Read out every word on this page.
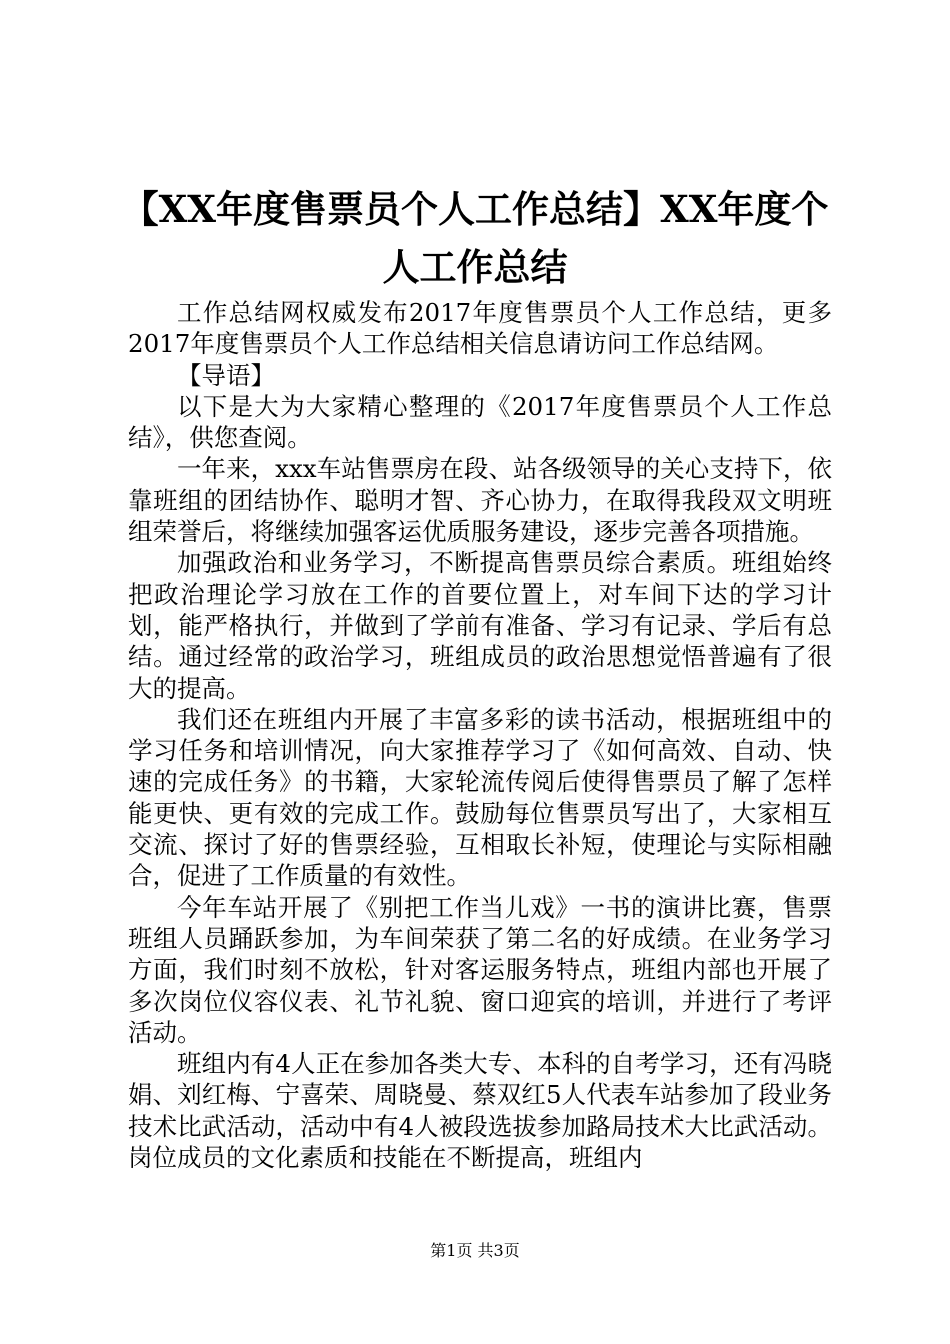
【XX年度售票员个人工作总结】XX年度个人工作总结

工作总结网权威发布2017年度售票员个人工作总结，更多2017年度售票员个人工作总结相关信息请访问工作总结网。

【导语】

以下是大为大家精心整理的《2017年度售票员个人工作总结》，供您查阅。

一年来，xxx车站售票房在段、站各级领导的关心支持下，依靠班组的团结协作、聪明才智、齐心协力，在取得我段双文明班组荣誉后，将继续加强客运优质服务建设，逐步完善各项措施。

加强政治和业务学习，不断提高售票员综合素质。班组始终把政治理论学习放在工作的首要位置上，对车间下达的学习计划，能严格执行，并做到了学前有准备、学习有记录、学后有总结。通过经常的政治学习，班组成员的政治思想觉悟普遍有了很大的提高。

我们还在班组内开展了丰富多彩的读书活动，根据班组中的学习任务和培训情况，向大家推荐学习了《如何高效、自动、快速的完成任务》的书籍，大家轮流传阅后使得售票员了解了怎样能更快、更有效的完成工作。鼓励每位售票员写出了，大家相互交流、探讨了好的售票经验，互相取长补短，使理论与实际相融合，促进了工作质量的有效性。

今年车站开展了《别把工作当儿戏》一书的演讲比赛，售票班组人员踊跃参加，为车间荣获了第二名的好成绩。在业务学习方面，我们时刻不放松，针对客运服务特点，班组内部也开展了多次岗位仪容仪表、礼节礼貌、窗口迎宾的培训，并进行了考评活动。

班组内有4人正在参加各类大专、本科的自考学习，还有冯晓娟、刘红梅、宁喜荣、周晓曼、蔡双红5人代表车站参加了段业务技术比武活动，活动中有4人被段选拔参加路局技术大比武活动。岗位成员的文化素质和技能在不断提高，班组内

第1页 共3页
